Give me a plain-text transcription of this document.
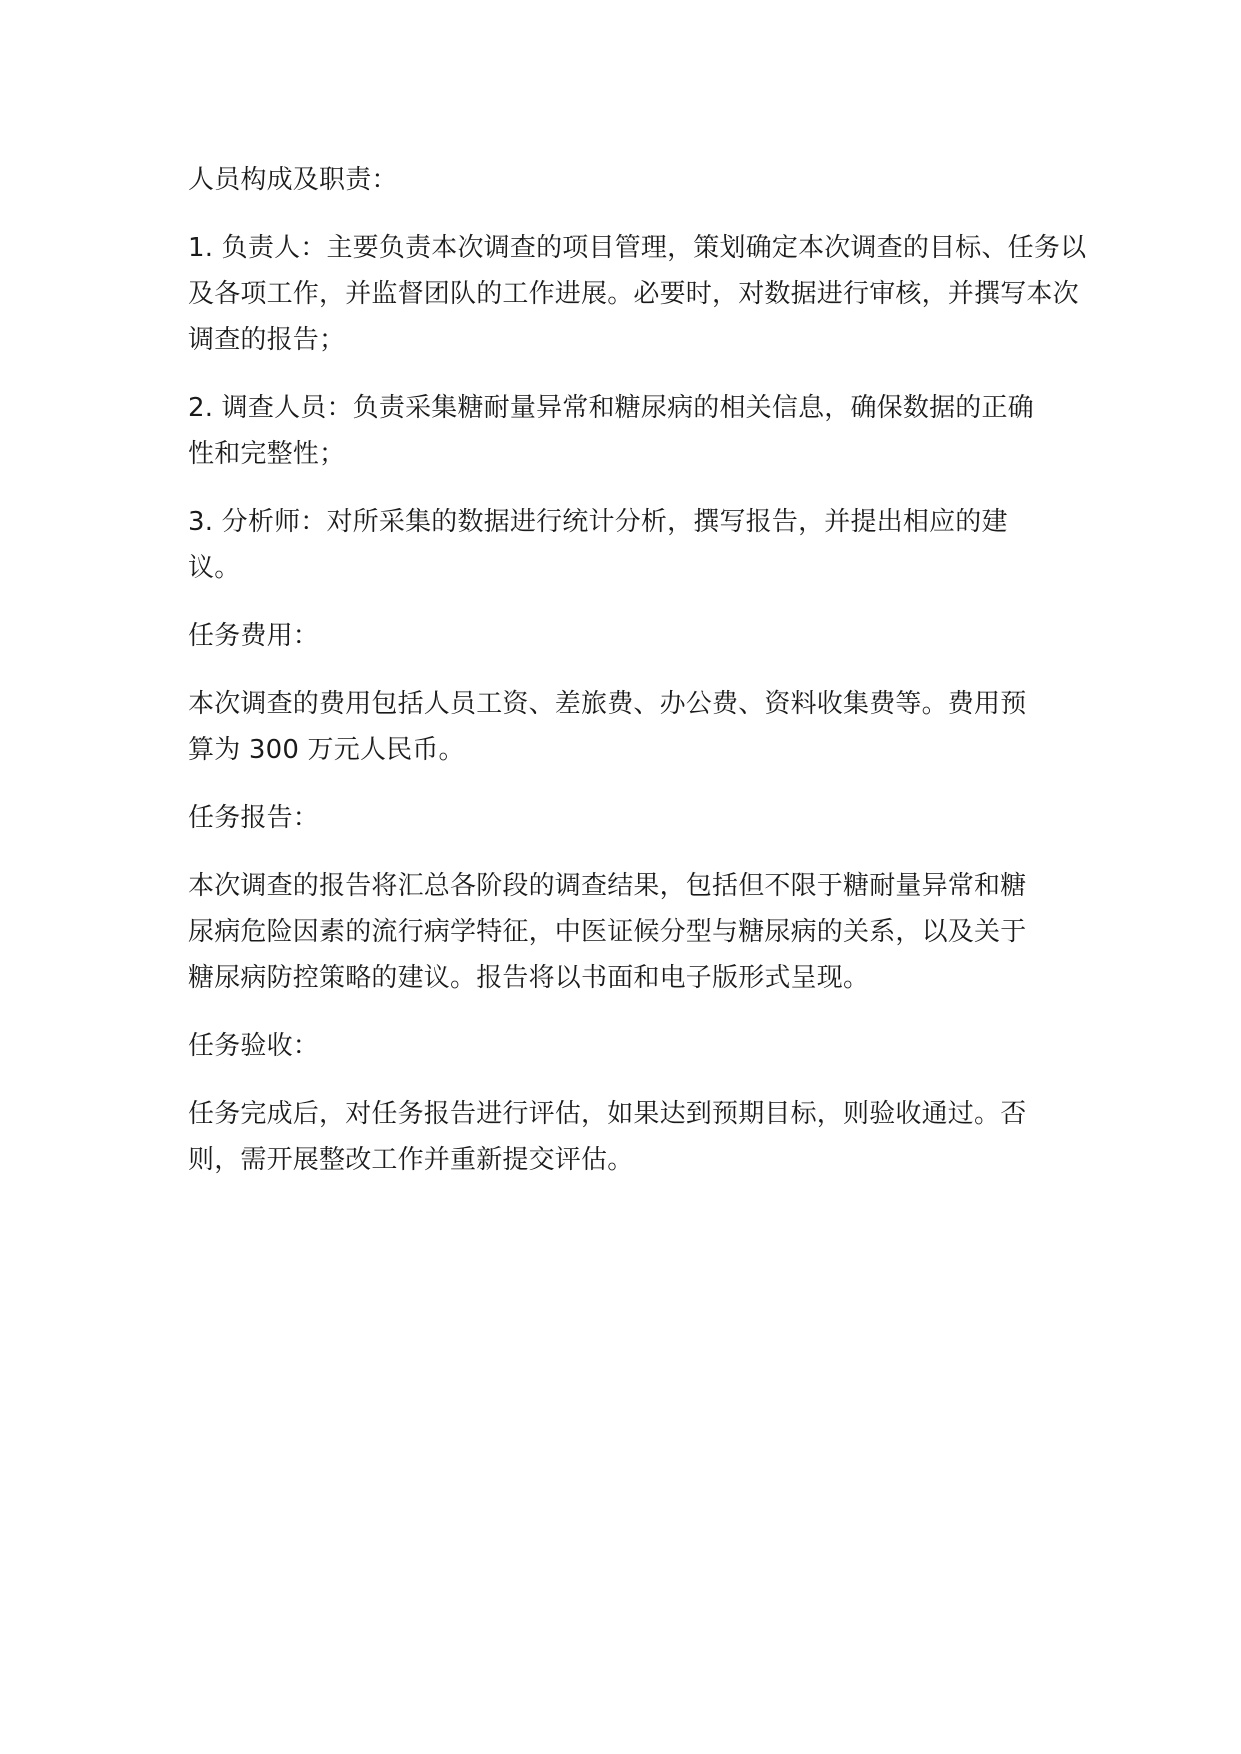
人员构成及职责：

1. 负责人：主要负责本次调查的项目管理，策划确定本次调查的目标、任务以及各项工作，并监督团队的工作进展。必要时，对数据进行审核，并撰写本次调查的报告；

2. 调查人员：负责采集糖耐量异常和糖尿病的相关信息，确保数据的正确性和完整性；

3. 分析师：对所采集的数据进行统计分析，撰写报告，并提出相应的建议。

任务费用：

本次调查的费用包括人员工资、差旅费、办公费、资料收集费等。费用预算为 300 万元人民币。

任务报告：

本次调查的报告将汇总各阶段的调查结果，包括但不限于糖耐量异常和糖尿病危险因素的流行病学特征，中医证候分型与糖尿病的关系，以及关于糖尿病防控策略的建议。报告将以书面和电子版形式呈现。

任务验收：

任务完成后，对任务报告进行评估，如果达到预期目标，则验收通过。否则，需开展整改工作并重新提交评估。
